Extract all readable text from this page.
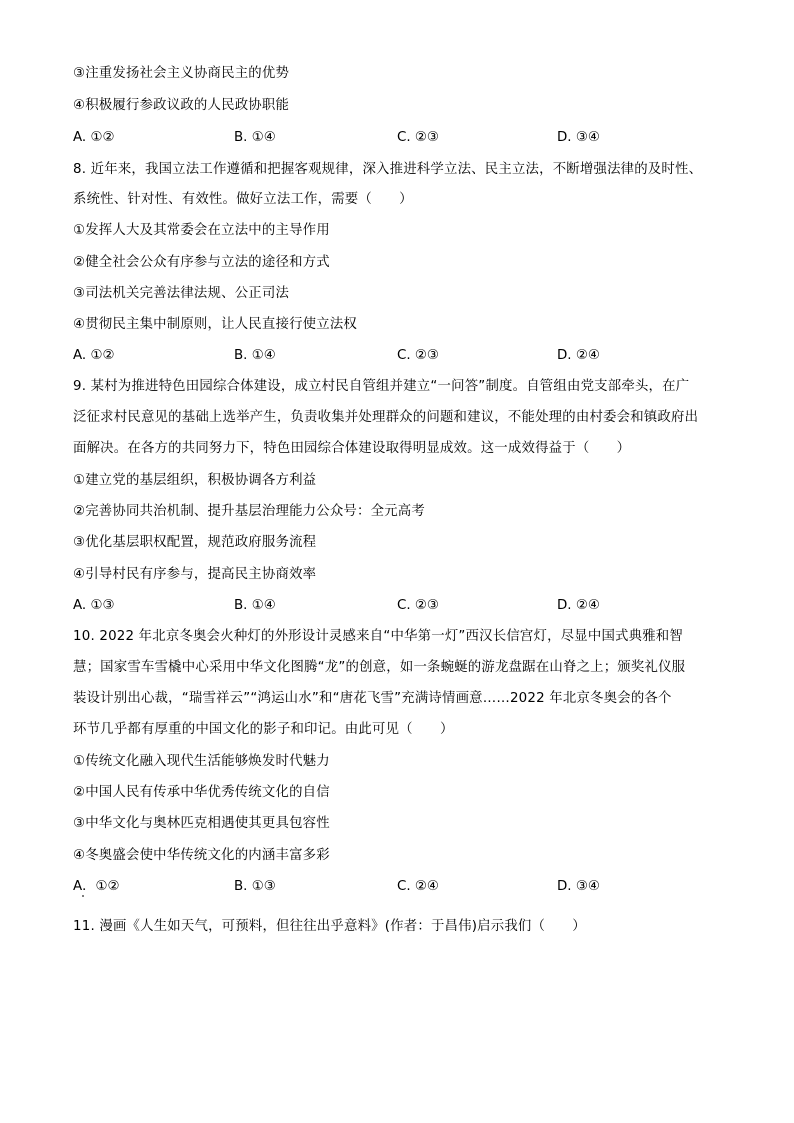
③注重发扬社会主义协商民主的优势
④积极履行参政议政的人民政协职能
A. ①②	B. ①④	C. ②③	D. ③④
8. 近年来，我国立法工作遵循和把握客观规律，深入推进科学立法、民主立法，不断增强法律的及时性、
系统性、针对性、有效性。做好立法工作，需要（　　）
①发挥人大及其常委会在立法中的主导作用
②健全社会公众有序参与立法的途径和方式
③司法机关完善法律法规、公正司法
④贯彻民主集中制原则，让人民直接行使立法权
A. ①②	B. ①④	C. ②③	D. ②④
9. 某村为推进特色田园综合体建设，成立村民自管组并建立“一问答”制度。自管组由党支部牵头，在广
泛征求村民意见的基础上选举产生，负责收集并处理群众的问题和建议，不能处理的由村委会和镇政府出
面解决。在各方的共同努力下，特色田园综合体建设取得明显成效。这一成效得益于（　　）
①建立党的基层组织，积极协调各方利益
②完善协同共治机制、提升基层治理能力公众号：全元高考
③优化基层职权配置，规范政府服务流程
④引导村民有序参与，提高民主协商效率
A. ①③	B. ①④	C. ②③	D. ②④
10. 2022 年北京冬奥会火种灯的外形设计灵感来自“中华第一灯”西汉长信宫灯，尽显中国式典雅和智
慧；国家雪车雪橇中心采用中华文化图腾“龙”的创意，如一条蜿蜒的游龙盘踞在山脊之上；颁奖礼仪服
装设计别出心裁，“瑞雪祥云”“鸿运山水”和“唐花飞雪”充满诗情画意……2022 年北京冬奥会的各个
环节几乎都有厚重的中国文化的影子和印记。由此可见（　　）
①传统文化融入现代生活能够焕发时代魅力
②中国人民有传承中华优秀传统文化的自信
③中华文化与奥林匹克相遇使其更具包容性
④冬奥盛会使中华传统文化的内涵丰富多彩
A．①②	B. ①③	C. ②④	D. ③④
11. 漫画《人生如天气，可预料，但往往出乎意料》(作者：于昌伟)启示我们（　　）
